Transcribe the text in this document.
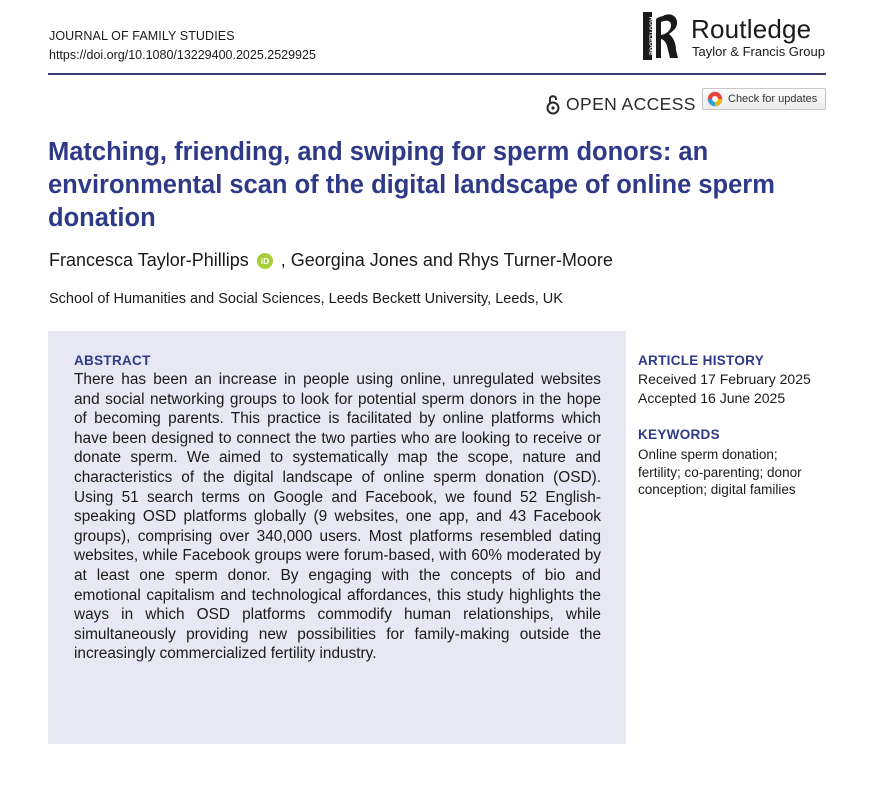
JOURNAL OF FAMILY STUDIES
https://doi.org/10.1080/13229400.2025.2529925	ROUTLEDGE Routledge
Taylor & Francis Group
OPEN ACCESS	Check for updates
Matching, friending, and swiping for sperm donors: an environmental scan of the digital landscape of online sperm donation
Francesca Taylor-Phillips iD , Georgina Jones and Rhys Turner-Moore
School of Humanities and Social Sciences, Leeds Beckett University, Leeds, UK
ABSTRACT

There has been an increase in people using online, unregulated websites and social networking groups to look for potential sperm donors in the hope of becoming parents. This practice is facilitated by online platforms which have been designed to connect the two parties who are looking to receive or donate sperm. We aimed to systematically map the scope, nature and characteristics of the digital landscape of online sperm donation (OSD). Using 51 search terms on Google and Facebook, we found 52 English-speaking OSD platforms globally (9 websites, one app, and 43 Facebook groups), comprising over 340,000 users. Most platforms resembled dating websites, while Facebook groups were forum-based, with 60% moderated by at least one sperm donor. By engaging with the concepts of bio and emotional capitalism and technological affordances, this study highlights the ways in which OSD platforms commodify human relationships, while simultaneously providing new possibilities for family-making outside the increasingly commercialized fertility industry.

ARTICLE HISTORY
Received 17 February 2025
Accepted 16 June 2025
KEYWORDS

Online sperm donation; fertility; co-parenting; donor conception; digital families
